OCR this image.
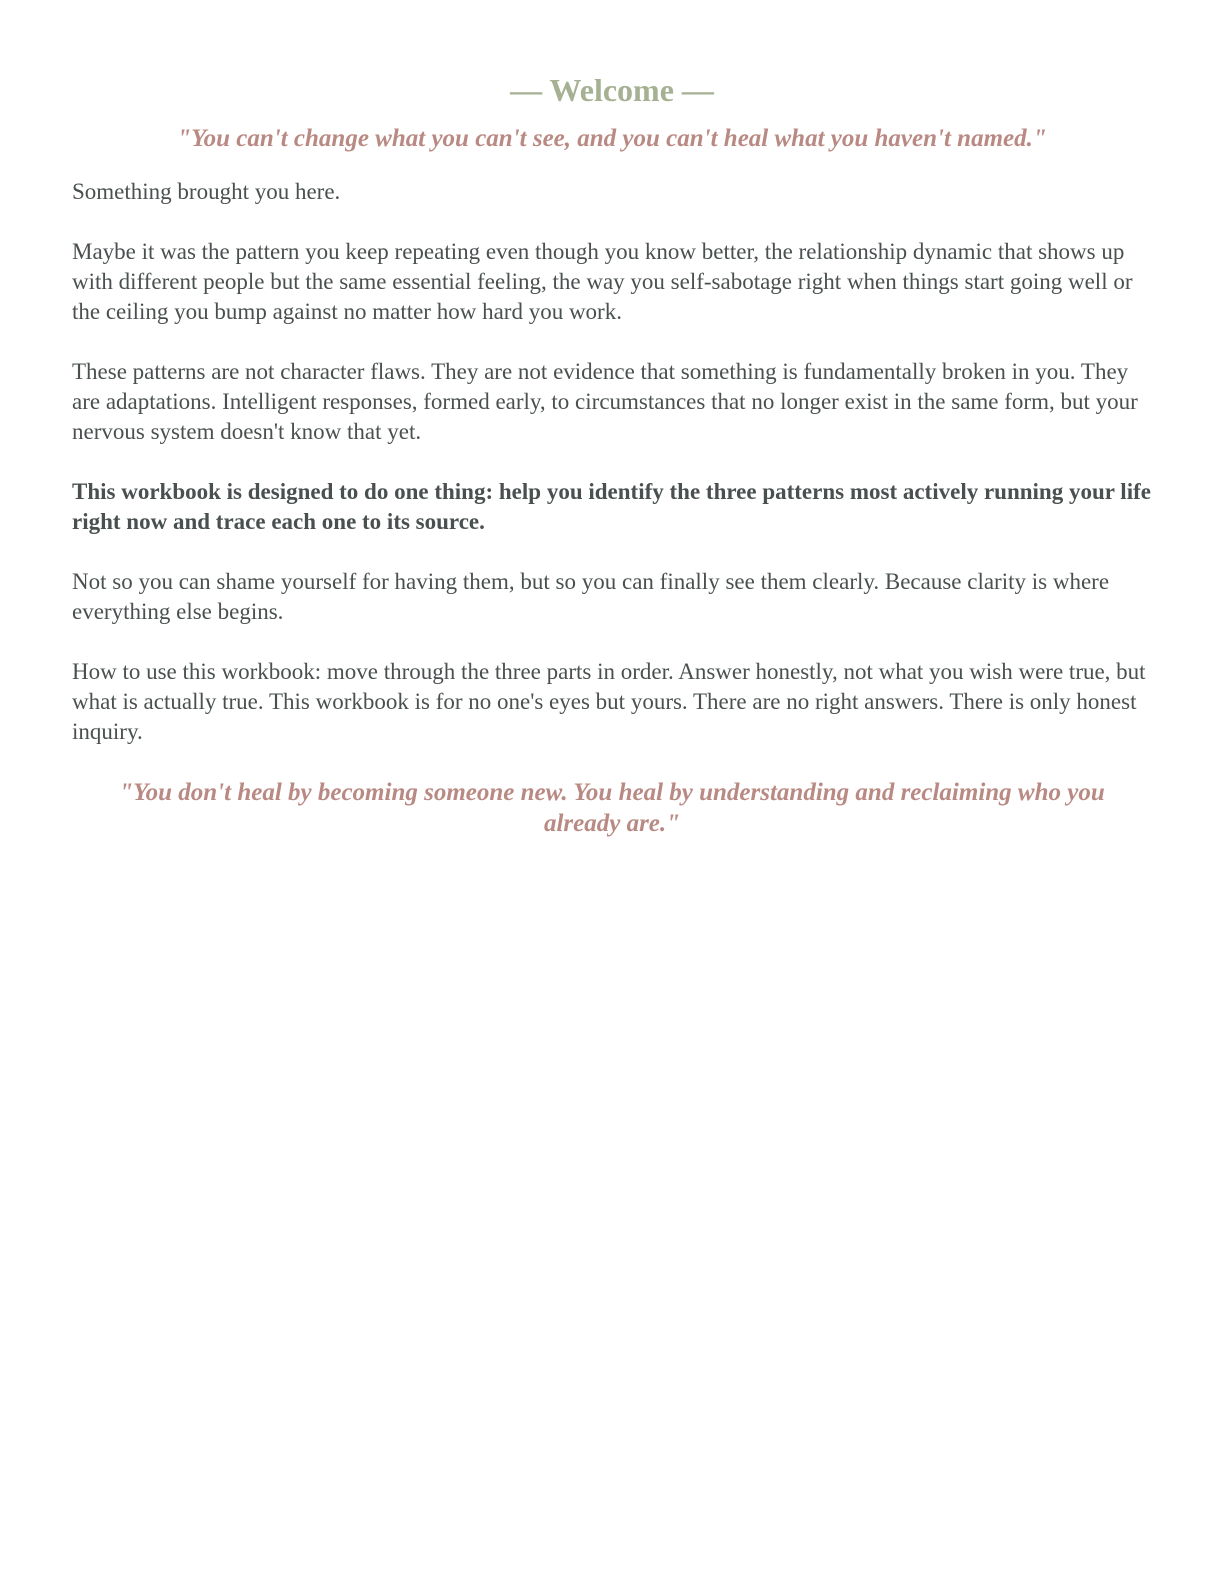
— Welcome —

"You can't change what you can't see, and you can't heal what you haven't named."

Something brought you here.

Maybe it was the pattern you keep repeating even though you know better, the relationship dynamic that shows up with different people but the same essential feeling, the way you self-sabotage right when things start going well or the ceiling you bump against no matter how hard you work.

These patterns are not character flaws. They are not evidence that something is fundamentally broken in you. They are adaptations. Intelligent responses, formed early, to circumstances that no longer exist in the same form, but your nervous system doesn't know that yet.

This workbook is designed to do one thing: help you identify the three patterns most actively running your life right now and trace each one to its source.

Not so you can shame yourself for having them, but so you can finally see them clearly. Because clarity is where everything else begins.

How to use this workbook: move through the three parts in order. Answer honestly, not what you wish were true, but what is actually true. This workbook is for no one's eyes but yours. There are no right answers. There is only honest inquiry.

"You don't heal by becoming someone new. You heal by understanding and reclaiming who you already are."
